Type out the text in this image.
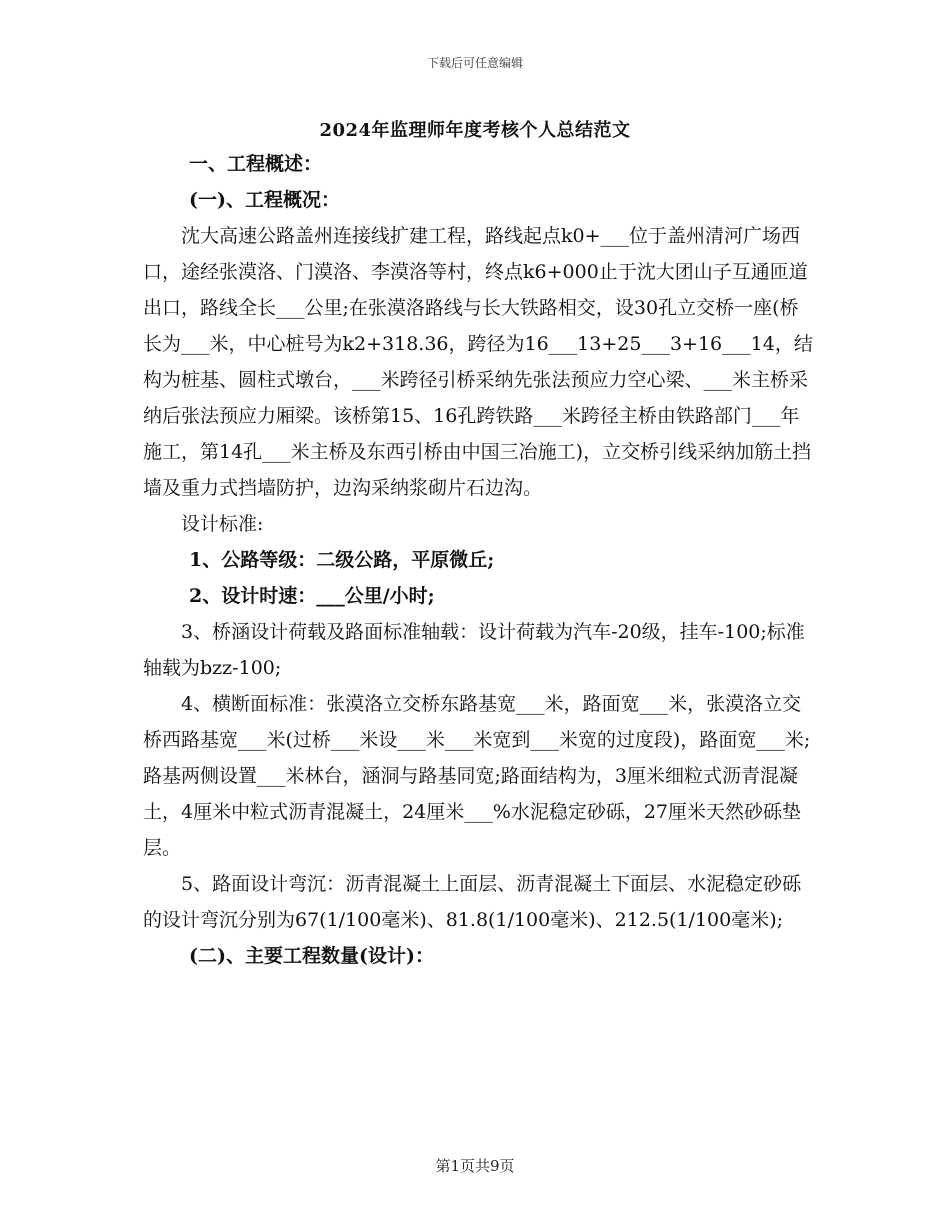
下载后可任意编辑
2024年监理师年度考核个人总结范文

一、工程概述：

(一)、工程概况：

沈大高速公路盖州连接线扩建工程，路线起点k0+___位于盖州清河广场西口，途经张漠洛、门漠洛、李漠洛等村，终点k6+000止于沈大团山子互通匝道出口，路线全长___公里;在张漠洛路线与长大铁路相交，设30孔立交桥一座(桥长为___米，中心桩号为k2+318.36，跨径为16___13+25___3+16___14，结构为桩基、圆柱式墩台，___米跨径引桥采纳先张法预应力空心梁、___米主桥采纳后张法预应力厢梁。该桥第15、16孔跨铁路___米跨径主桥由铁路部门___年施工，第14孔___米主桥及东西引桥由中国三冶施工)，立交桥引线采纳加筋土挡墙及重力式挡墙防护，边沟采纳浆砌片石边沟。

设计标准:

1、公路等级：二级公路，平原微丘;

2、设计时速：___公里/小时;

3、桥涵设计荷载及路面标准轴载：设计荷载为汽车-20级，挂车-100;标准轴载为bzz-100;

4、横断面标准：张漠洛立交桥东路基宽___米，路面宽___米，张漠洛立交桥西路基宽___米(过桥___米设___米___米宽到___米宽的过度段)，路面宽___米;路基两侧设置___米林台，涵洞与路基同宽;路面结构为，3厘米细粒式沥青混凝土，4厘米中粒式沥青混凝土，24厘米___%水泥稳定砂砾，27厘米天然砂砾垫层。

5、路面设计弯沉：沥青混凝土上面层、沥青混凝土下面层、水泥稳定砂砾的设计弯沉分别为67(1/100毫米)、81.8(1/100毫米)、212.5(1/100毫米);

(二)、主要工程数量(设计)：

第1页共9页
